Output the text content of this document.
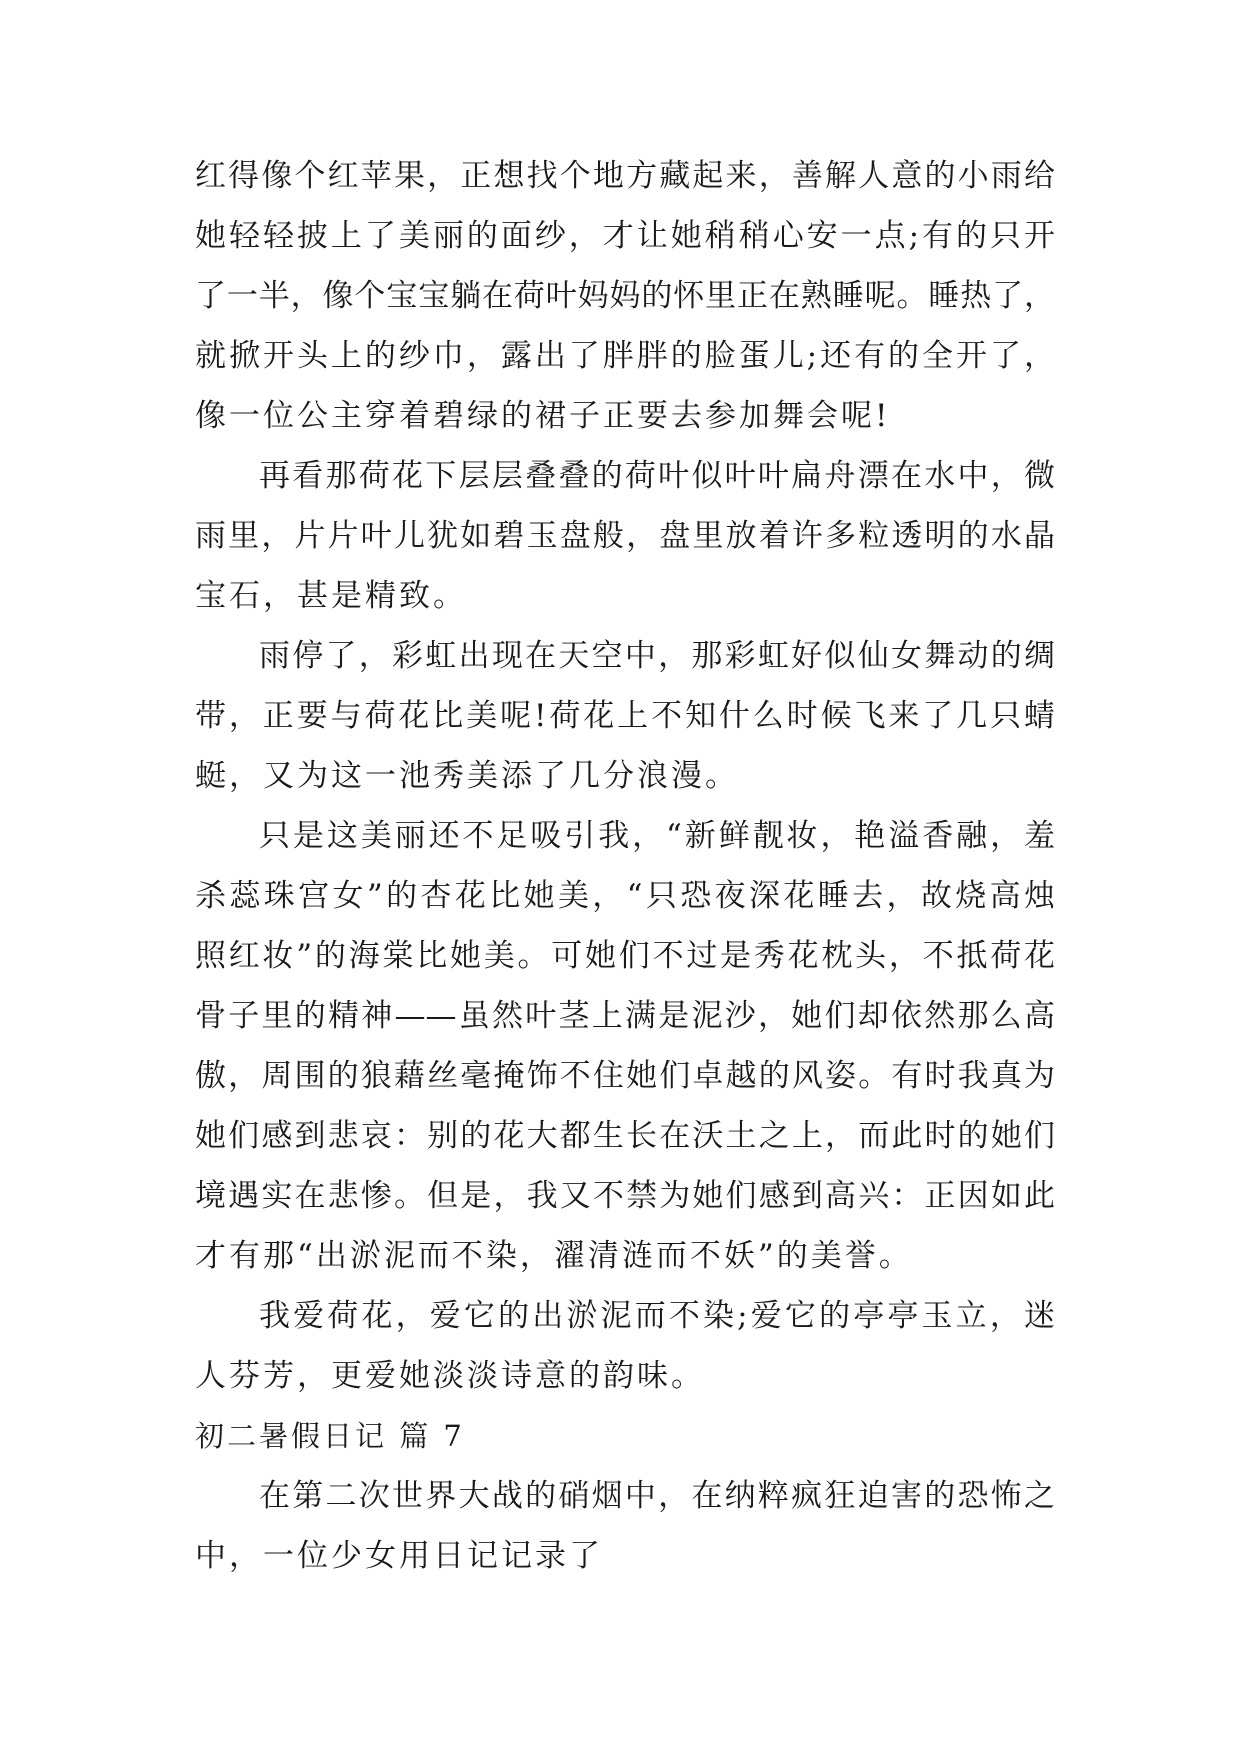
红得像个红苹果，正想找个地方藏起来，善解人意的小雨给
她轻轻披上了美丽的面纱，才让她稍稍心安一点;有的只开
了一半，像个宝宝躺在荷叶妈妈的怀里正在熟睡呢。睡热了，
就掀开头上的纱巾，露出了胖胖的脸蛋儿;还有的全开了，
像一位公主穿着碧绿的裙子正要去参加舞会呢!
再看那荷花下层层叠叠的荷叶似叶叶扁舟漂在水中，微
雨里，片片叶儿犹如碧玉盘般，盘里放着许多粒透明的水晶
宝石，甚是精致。
雨停了，彩虹出现在天空中，那彩虹好似仙女舞动的绸
带，正要与荷花比美呢!荷花上不知什么时候飞来了几只蜻
蜓，又为这一池秀美添了几分浪漫。
只是这美丽还不足吸引我，“新鲜靓妆，艳溢香融，羞
杀蕊珠宫女”的杏花比她美，“只恐夜深花睡去，故烧高烛
照红妆”的海棠比她美。可她们不过是秀花枕头，不抵荷花
骨子里的精神——虽然叶茎上满是泥沙，她们却依然那么高
傲，周围的狼藉丝毫掩饰不住她们卓越的风姿。有时我真为
她们感到悲哀：别的花大都生长在沃土之上，而此时的她们
境遇实在悲惨。但是，我又不禁为她们感到高兴：正因如此
才有那“出淤泥而不染，濯清涟而不妖”的美誉。
我爱荷花，爱它的出淤泥而不染;爱它的亭亭玉立，迷
人芬芳，更爱她淡淡诗意的韵味。
初二暑假日记 篇 7
在第二次世界大战的硝烟中，在纳粹疯狂迫害的恐怖之
中，一位少女用日记记录了
